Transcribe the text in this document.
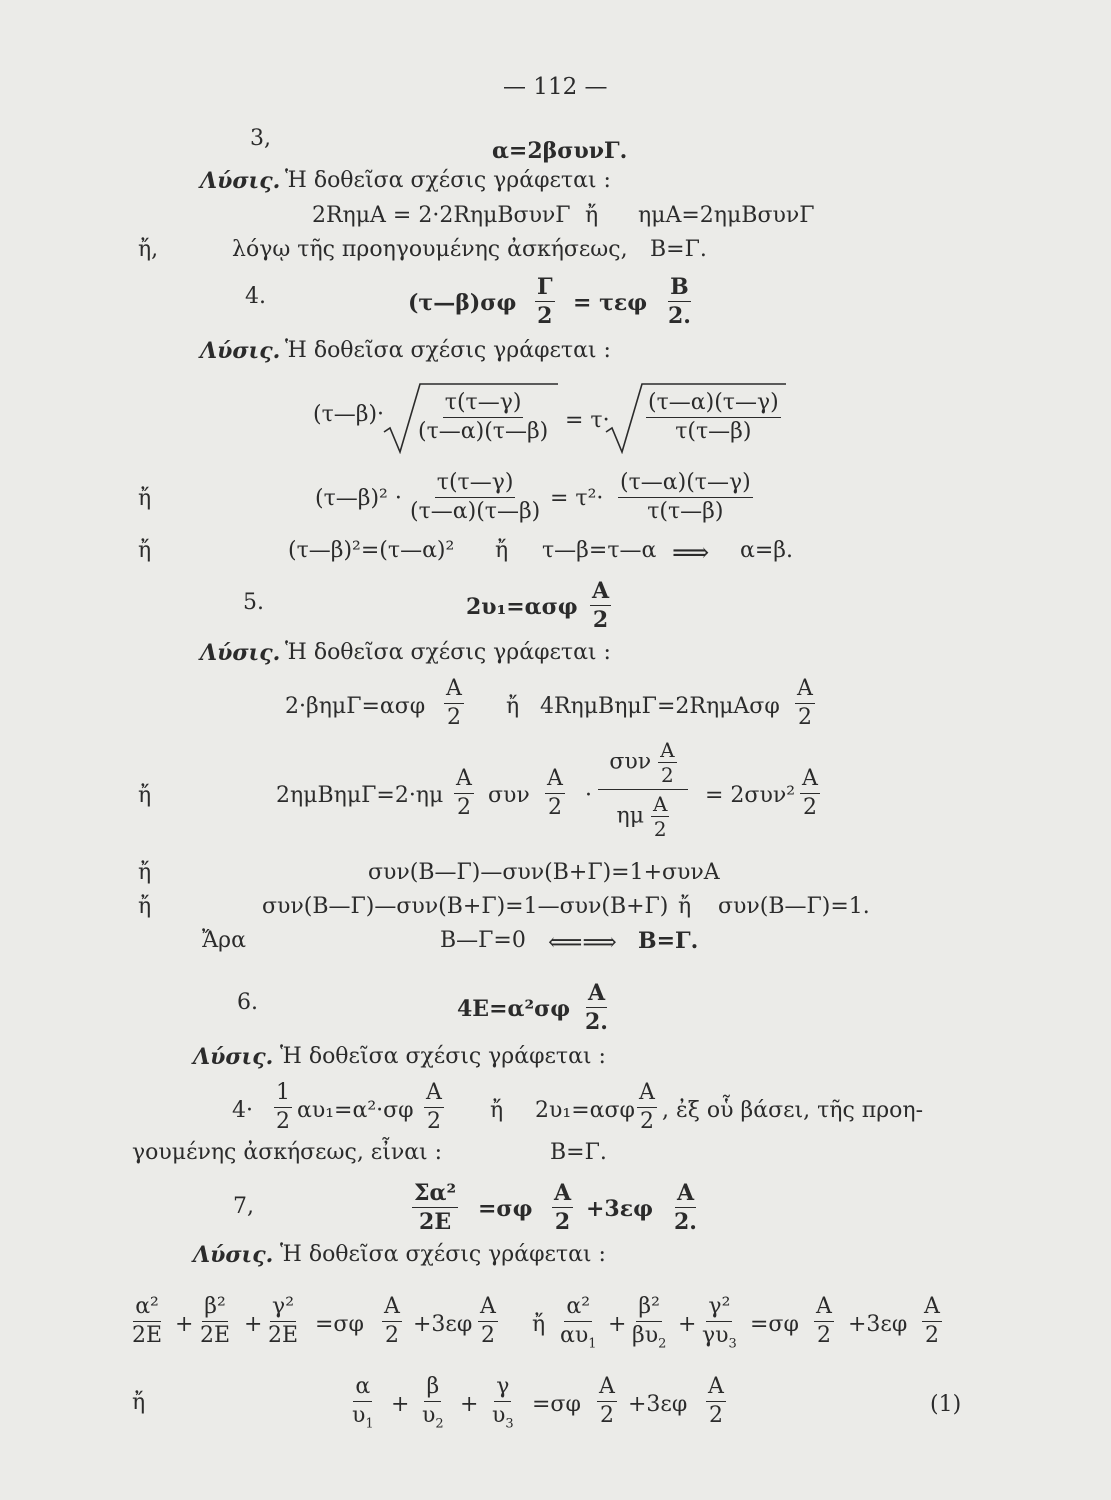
— 112 —
3,	α=2βσυνΓ.
Λύσις. Ἡ δοθεῖσα σχέσις γράφεται :
2RημA = 2·2RημBσυνΓ ἤ ημA=2ημBσυνΓ
ἤ,	λόγῳ τῆς προηγουμένης ἀσκήσεως, B=Γ.
4.	(τ—β)σφ
Γ
2 = τεφ
B
2.
Λύσις. Ἡ δοθεῖσα σχέσις γράφεται :
(τ—β)·	τ(τ—γ)
(τ—α)(τ—β) = τ·
(τ—α)(τ—γ)
τ(τ—β)
ἤ	(τ—β)² ·
τ(τ—γ)
(τ—α)(τ—β)
= τ²·
(τ—α)(τ—γ)
τ(τ—β)
ἤ	(τ—β)²=(τ—α)² ἤ τ—β=τ—α ⟹ α=β.
5.	2υ₁=ασφ
A
2
Λύσις. Ἡ δοθεῖσα σχέσις γράφεται :
2·βημΓ=ασφ
A
2 ἤ 4RημBημΓ=2RημAσφ
A
2
ἤ	2ημBημΓ=2·ημ
A
2 συν
A
2 ·
συν $\frac{A}{2}$
ημ $\frac{A}{2} = 2\sigma\upsilon\nu^2$
A
2
ἤ	συν(B—Γ)—συν(B+Γ)=1+συνA
ἤ	συν(B—Γ)—συν(B+Γ)=1—συν(B+Γ) ἤ συν(B—Γ)=1.
Ἄρα	B—Γ=0 ⟸⟹ B=Γ.
6.	4E=α²σφ
A
2.
Λύσις. Ἡ δοθεῖσα σχέσις γράφεται :
4·
1
2 αυ₁=α²·σφ
A
2 ἤ 2υ₁=ασφ
A
2 , ἐξ οὗ βάσει, τῆς προη-
γουμένης ἀσκήσεως, εἶναι :	B=Γ.
7,
Σα²
2E =σφ
A
2 +3εφ
A
2.
Λύσις. Ἡ δοθεῖσα σχέσις γράφεται :
α²
2E +
β²
2E +
γ²
2E =σφ
A
2 +3εφ
A
2 ἤ
α²
$\alpha\upsilon_1$
+
β²
$\beta\upsilon_2$
+
γ²
$\gamma\upsilon_3$
=σφ
A
2 +3εφ
A
2
ἤ
α
$\upsilon_1$
+
β
$\upsilon_2$
+
γ
$\upsilon_3$
=σφ
A
2 +3εφ
A
2	(1)
